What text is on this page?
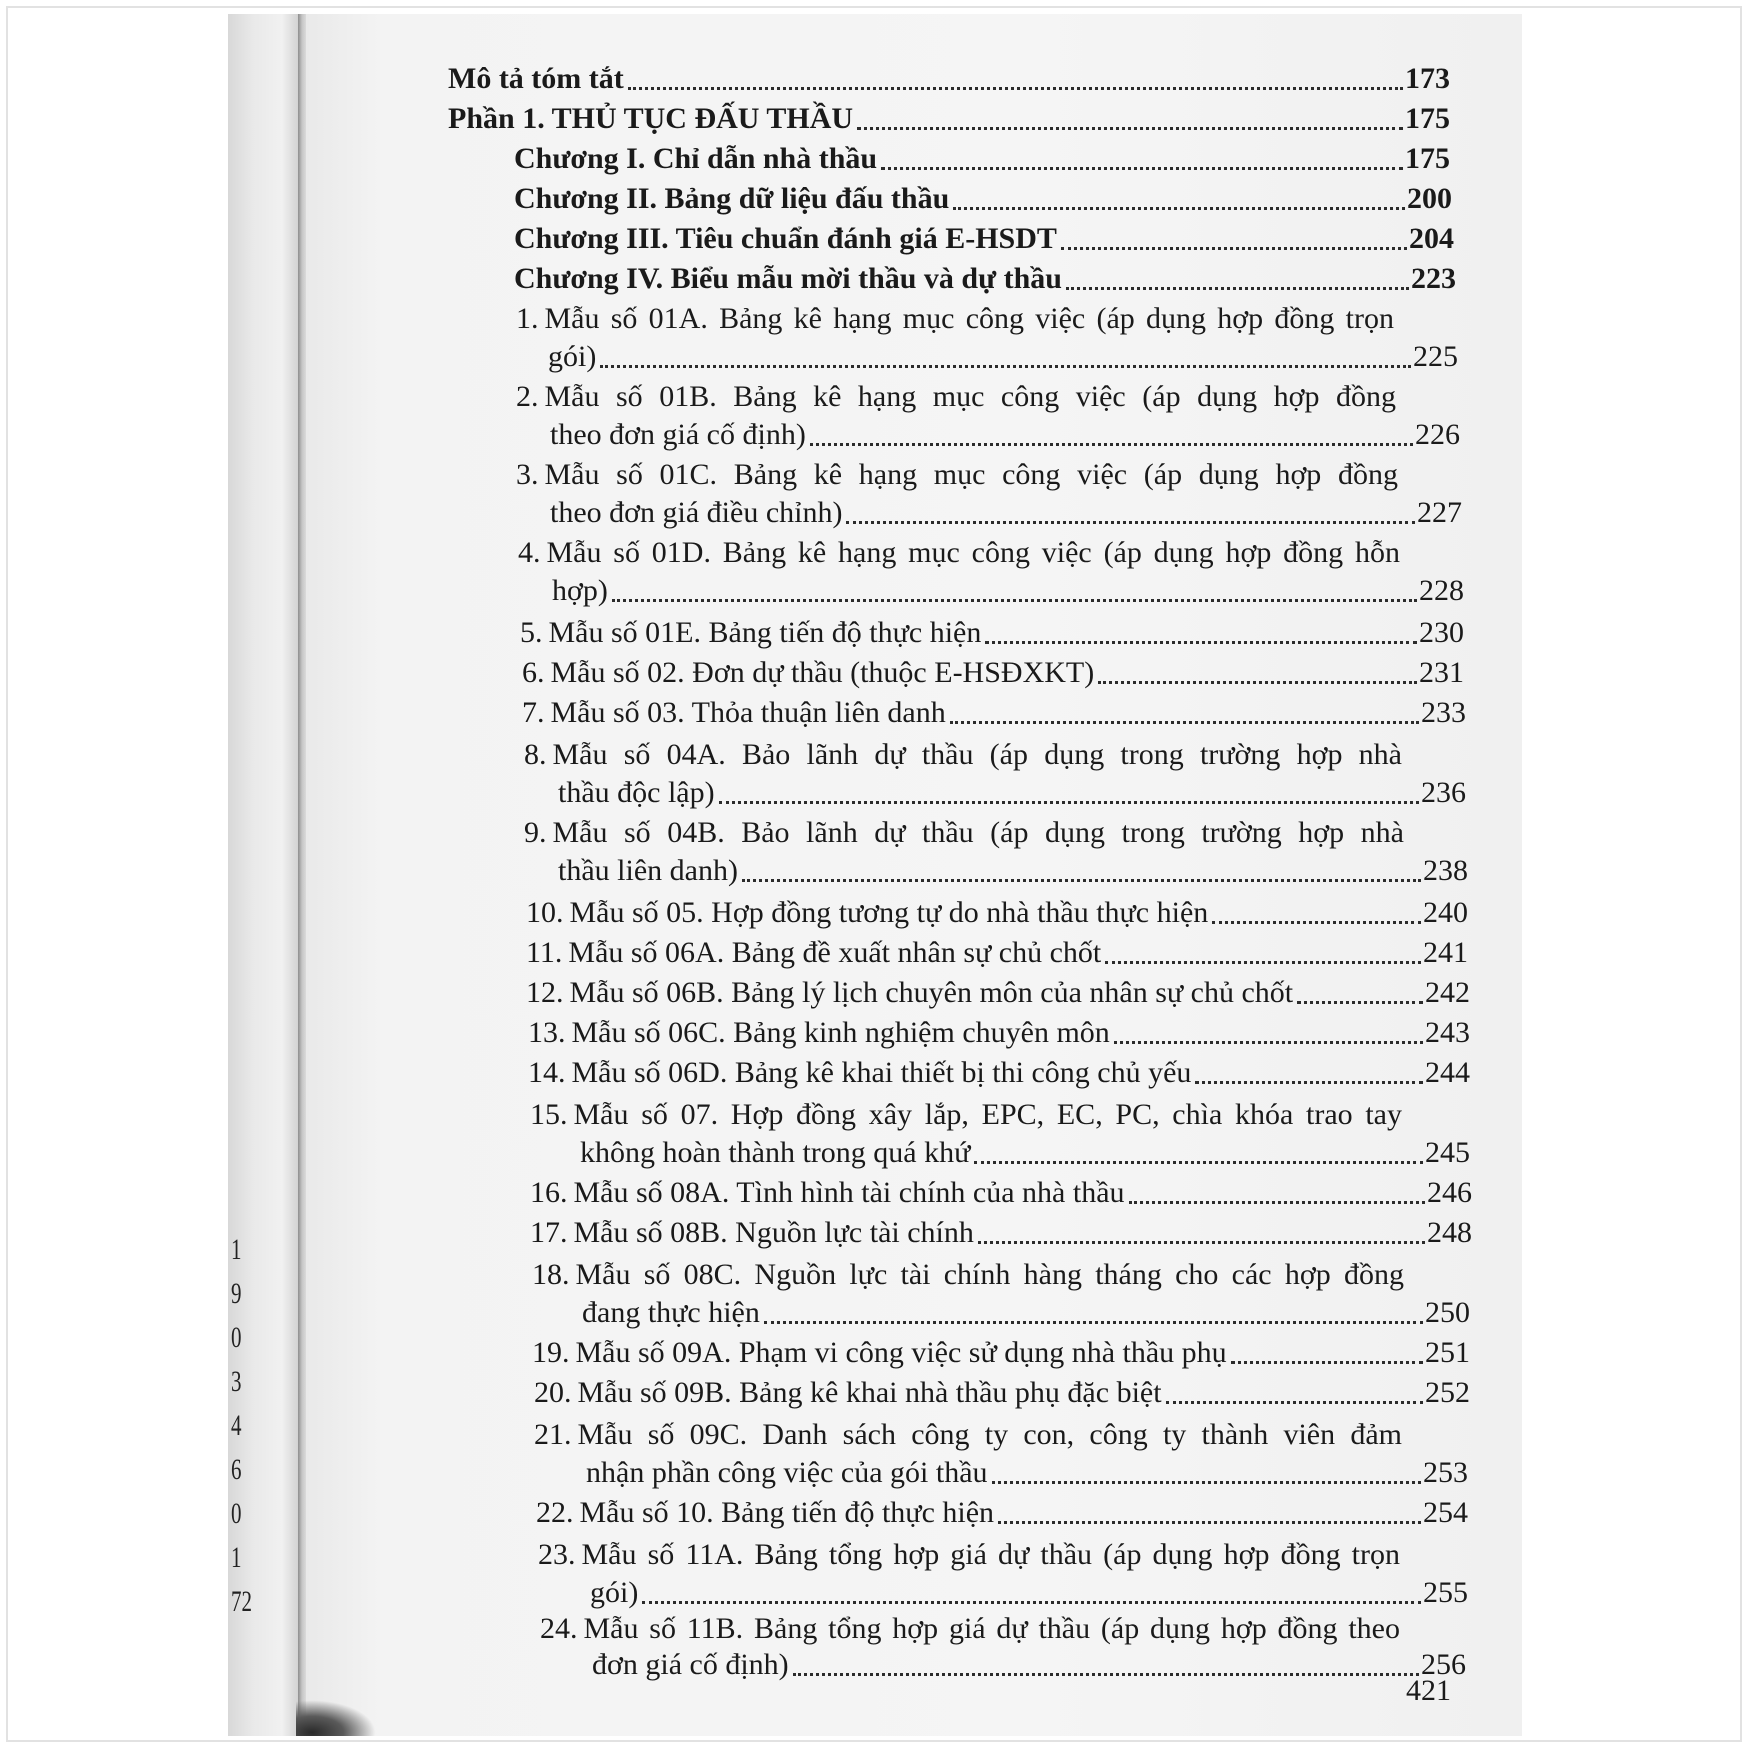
1
9
0
3
4
6
0
1
72
Mô tả tóm tắt	173
Phần 1. THỦ TỤC ĐẤU THẦU	175
Chương I. Chỉ dẫn nhà thầu	175
Chương II. Bảng dữ liệu đấu thầu	200
Chương III. Tiêu chuẩn đánh giá E-HSDT	204
Chương IV. Biểu mẫu mời thầu và dự thầu	223
1. Mẫu số 01A. Bảng kê hạng mục công việc (áp dụng hợp đồng trọn
gói)	225
2. Mẫu số 01B. Bảng kê hạng mục công việc (áp dụng hợp đồng
theo đơn giá cố định)	226
3. Mẫu số 01C. Bảng kê hạng mục công việc (áp dụng hợp đồng
theo đơn giá điều chỉnh)	227
4. Mẫu số 01D. Bảng kê hạng mục công việc (áp dụng hợp đồng hỗn
hợp)	228
5. Mẫu số 01E. Bảng tiến độ thực hiện	230
6. Mẫu số 02. Đơn dự thầu (thuộc E-HSĐXKT)	231
7. Mẫu số 03. Thỏa thuận liên danh	233
8. Mẫu số 04A. Bảo lãnh dự thầu (áp dụng trong trường hợp nhà
thầu độc lập)	236
9. Mẫu số 04B. Bảo lãnh dự thầu (áp dụng trong trường hợp nhà
thầu liên danh)	238
10. Mẫu số 05. Hợp đồng tương tự do nhà thầu thực hiện	240
11. Mẫu số 06A. Bảng đề xuất nhân sự chủ chốt	241
12. Mẫu số 06B. Bảng lý lịch chuyên môn của nhân sự chủ chốt	242
13. Mẫu số 06C. Bảng kinh nghiệm chuyên môn	243
14. Mẫu số 06D. Bảng kê khai thiết bị thi công chủ yếu	244
15. Mẫu số 07. Hợp đồng xây lắp, EPC, EC, PC, chìa khóa trao tay
không hoàn thành trong quá khứ	245
16. Mẫu số 08A. Tình hình tài chính của nhà thầu	246
17. Mẫu số 08B. Nguồn lực tài chính	248
18. Mẫu số 08C. Nguồn lực tài chính hàng tháng cho các hợp đồng
đang thực hiện	250
19. Mẫu số 09A. Phạm vi công việc sử dụng nhà thầu phụ	251
20. Mẫu số 09B. Bảng kê khai nhà thầu phụ đặc biệt	252
21. Mẫu số 09C. Danh sách công ty con, công ty thành viên đảm
nhận phần công việc của gói thầu	253
22. Mẫu số 10. Bảng tiến độ thực hiện	254
23. Mẫu số 11A. Bảng tổng hợp giá dự thầu (áp dụng hợp đồng trọn
gói)	255
24. Mẫu số 11B. Bảng tổng hợp giá dự thầu (áp dụng hợp đồng theo
đơn giá cố định)	256
421
